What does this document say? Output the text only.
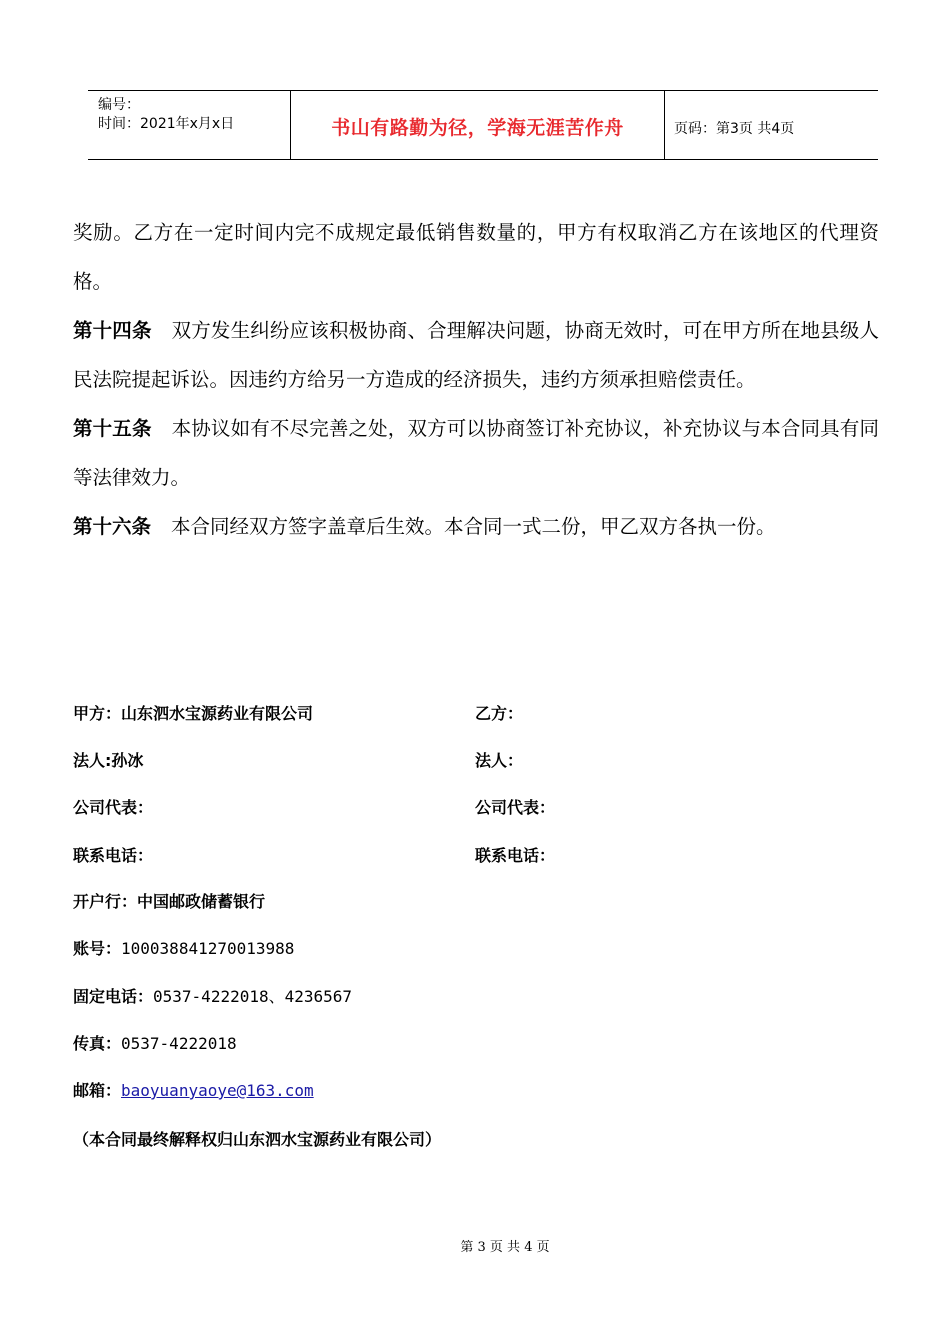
编号：
时间：2021年x月x日	书山有路勤为径，学海无涯苦作舟	页码：第3页 共4页

奖励。乙方在一定时间内完不成规定最低销售数量的，甲方有权取消乙方在该地区的代理资格。

第十四条 双方发生纠纷应该积极协商、合理解决问题，协商无效时，可在甲方所在地县级人民法院提起诉讼。因违约方给另一方造成的经济损失，违约方须承担赔偿责任。

第十五条 本协议如有不尽完善之处，双方可以协商签订补充协议，补充协议与本合同具有同等法律效力。

第十六条 本合同经双方签字盖章后生效。本合同一式二份，甲乙双方各执一份。

甲方：山东泗水宝源药业有限公司	乙方：
法人:孙冰	法人：
公司代表：	公司代表：
联系电话：	联系电话：
开户行：中国邮政储蓄银行
账号：100038841270013988
固定电话：0537-4222018、4236567
传真：0537-4222018
邮箱：baoyuanyaoye@163.com
（本合同最终解释权归山东泗水宝源药业有限公司）
第 3 页 共 4 页
